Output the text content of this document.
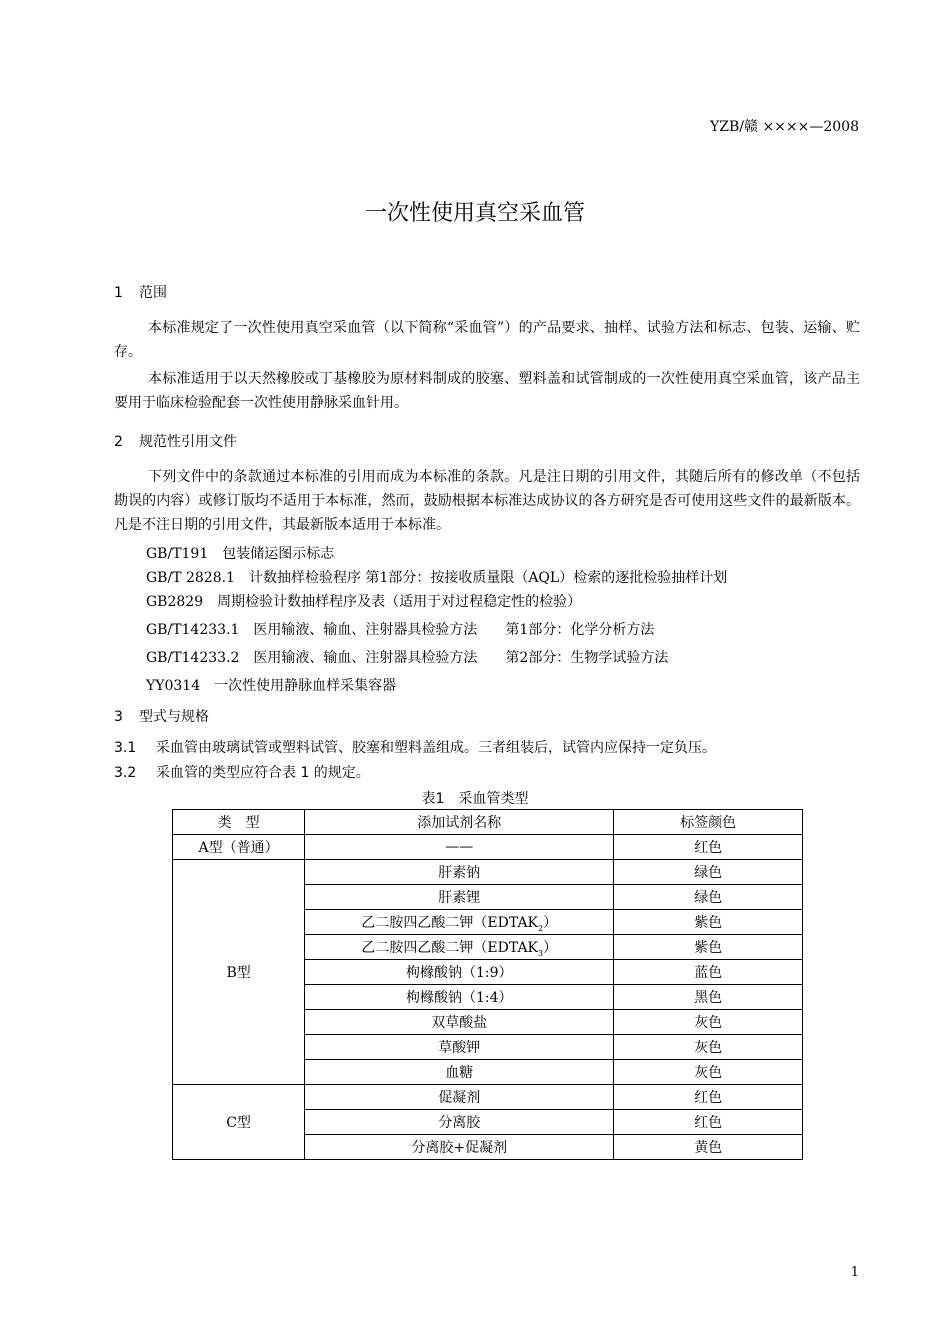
YZB/赣 ××××—2008
一次性使用真空采血管
1 范围
本标准规定了一次性使用真空采血管（以下简称“采血管”）的产品要求、抽样、试验方法和标志、包装、运输、贮存。
本标准适用于以天然橡胶或丁基橡胶为原材料制成的胶塞、塑料盖和试管制成的一次性使用真空采血管，该产品主要用于临床检验配套一次性使用静脉采血针用。
2 规范性引用文件
下列文件中的条款通过本标准的引用而成为本标准的条款。凡是注日期的引用文件，其随后所有的修改单（不包括勘误的内容）或修订版均不适用于本标准，然而，鼓励根据本标准达成协议的各方研究是否可使用这些文件的最新版本。凡是不注日期的引用文件，其最新版本适用于本标准。
GB/T191　包装储运图示标志
GB/T 2828.1　计数抽样检验程序 第1部分：按接收质量限（AQL）检索的逐批检验抽样计划
GB2829　周期检验计数抽样程序及表（适用于对过程稳定性的检验）
GB/T14233.1　医用输液、输血、注射器具检验方法　　第1部分：化学分析方法
GB/T14233.2　医用输液、输血、注射器具检验方法　　第2部分：生物学试验方法
YY0314　一次性使用静脉血样采集容器
3 型式与规格
3.1 采血管由玻璃试管或塑料试管、胶塞和塑料盖组成。三者组装后，试管内应保持一定负压。
3.2 采血管的类型应符合表 1 的规定。
表1　采血管类型
类　型	添加试剂名称	标签颜色
A型（普通）	——	红色
B型	肝素钠	绿色
	肝素锂	绿色
	乙二胺四乙酸二钾$(EDTAK_2)$	紫色
	乙二胺四乙酸二钾$(EDTAK_3)$	紫色
	枸橼酸钠（1:9）	蓝色
	枸橼酸钠（1:4）	黑色
	双草酸盐	灰色
	草酸钾	灰色
	血糖	灰色
C型	促凝剂	红色
	分离胶	红色
	分离胶+促凝剂	黄色
1
